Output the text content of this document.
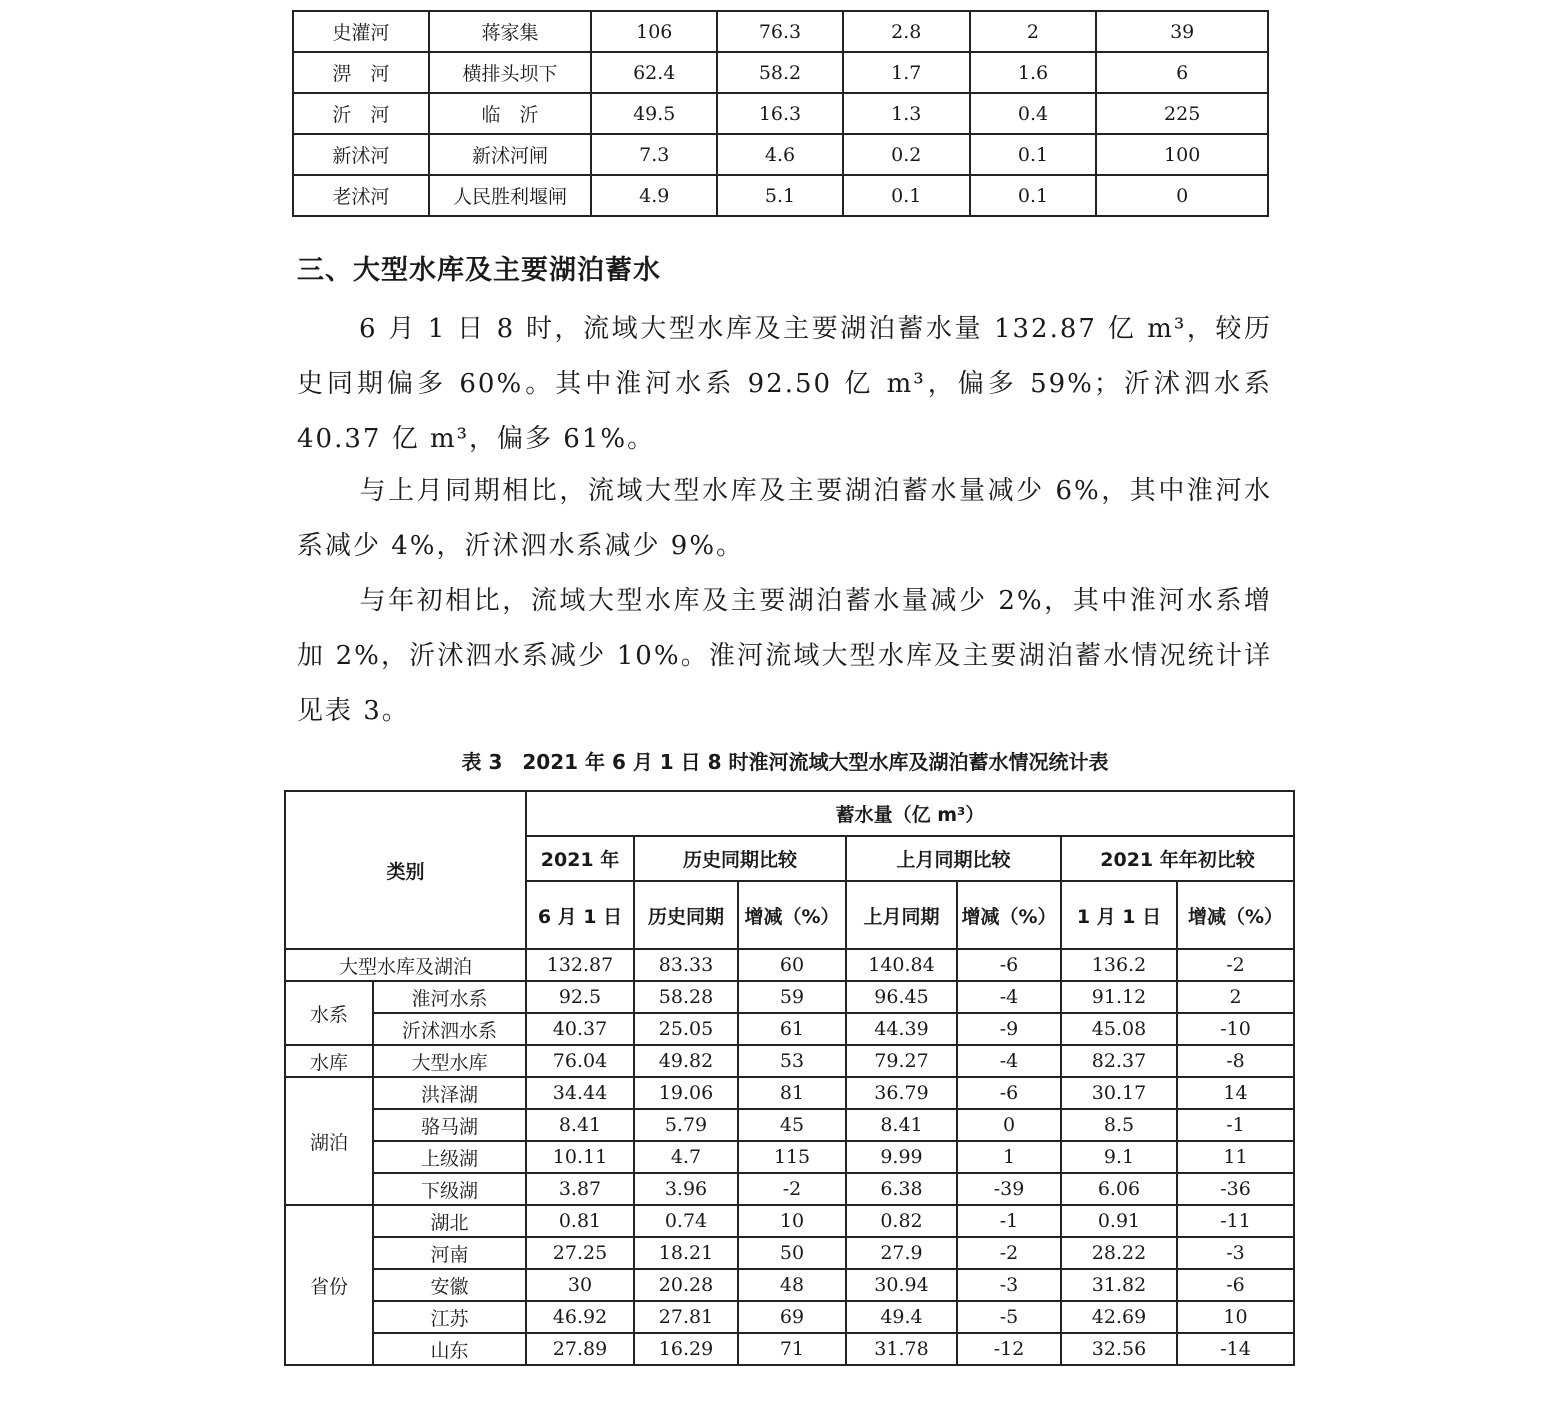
史灌河	蒋家集	106	76.3	2.8	2	39
淠　河	横排头坝下	62.4	58.2	1.7	1.6	6
沂　河	临　沂	49.5	16.3	1.3	0.4	225
新沭河	新沭河闸	7.3	4.6	0.2	0.1	100
老沭河	人民胜利堰闸	4.9	5.1	0.1	0.1	0
三、大型水库及主要湖泊蓄水

6 月 1 日 8 时，流域大型水库及主要湖泊蓄水量 132.87 亿 m³，较历史同期偏多 60%。其中淮河水系 92.50 亿 m³，偏多 59%；沂沭泗水系 40.37 亿 m³，偏多 61%。

与上月同期相比，流域大型水库及主要湖泊蓄水量减少 6%，其中淮河水系减少 4%，沂沭泗水系减少 9%。

与年初相比，流域大型水库及主要湖泊蓄水量减少 2%，其中淮河水系增加 2%，沂沭泗水系减少 10%。淮河流域大型水库及主要湖泊蓄水情况统计详见表 3。

表 3　2021 年 6 月 1 日 8 时淮河流域大型水库及湖泊蓄水情况统计表
类别		蓄水量（亿 m³）						
		2021 年	历史同期比较		上月同期比较		2021 年年初比较	
		6 月 1 日	历史同期	增减（%）	上月同期	增减（%）	1 月 1 日	增减（%）
大型水库及湖泊		132.87	83.33	60	140.84	-6	136.2	-2
水系	淮河水系	92.5	58.28	59	96.45	-4	91.12	2
	沂沭泗水系	40.37	25.05	61	44.39	-9	45.08	-10
水库	大型水库	76.04	49.82	53	79.27	-4	82.37	-8
湖泊	洪泽湖	34.44	19.06	81	36.79	-6	30.17	14
	骆马湖	8.41	5.79	45	8.41	0	8.5	-1
	上级湖	10.11	4.7	115	9.99	1	9.1	11
	下级湖	3.87	3.96	-2	6.38	-39	6.06	-36
省份	湖北	0.81	0.74	10	0.82	-1	0.91	-11
	河南	27.25	18.21	50	27.9	-2	28.22	-3
	安徽	30	20.28	48	30.94	-3	31.82	-6
	江苏	46.92	27.81	69	49.4	-5	42.69	10
	山东	27.89	16.29	71	31.78	-12	32.56	-14
